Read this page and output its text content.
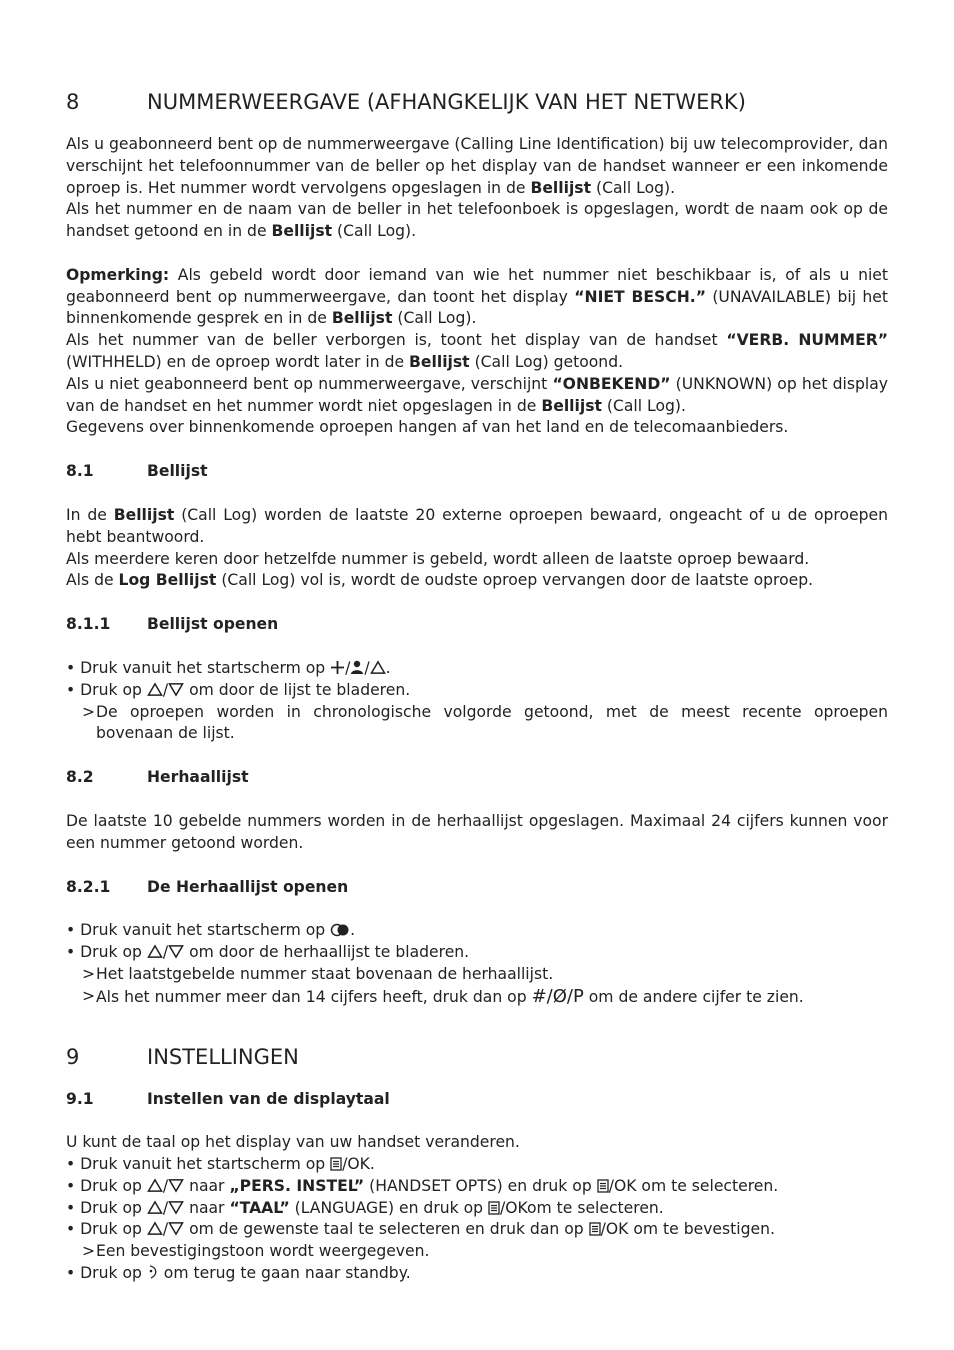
8	NUMMERWEERGAVE (AFHANGKELIJK VAN HET NETWERK)

Als u geabonneerd bent op de nummerweergave (Calling Line Identification) bij uw telecomprovider, dan verschijnt het telefoonnummer van de beller op het display van de handset wanneer er een inkomende oproep is. Het nummer wordt vervolgens opgeslagen in de Bellijst (Call Log).

Als het nummer en de naam van de beller in het telefoonboek is opgeslagen, wordt de naam ook op de handset getoond en in de Bellijst (Call Log).

Opmerking: Als gebeld wordt door iemand van wie het nummer niet beschikbaar is, of als u niet geabonneerd bent op nummerweergave, dan toont het display “NIET BESCH.” (UNAVAILABLE) bij het binnenkomende gesprek en in de Bellijst (Call Log).

Als het nummer van de beller verborgen is, toont het display van de handset “VERB. NUMMER” (WITHHELD) en de oproep wordt later in de Bellijst (Call Log) getoond.

Als u niet geabonneerd bent op nummerweergave, verschijnt “ONBEKEND” (UNKNOWN) op het display van de handset en het nummer wordt niet opgeslagen in de Bellijst (Call Log).

Gegevens over binnenkomende oproepen hangen af van het land en de telecomaanbieders.

8.1	Bellijst

In de Bellijst (Call Log) worden de laatste 20 externe oproepen bewaard, ongeacht of u de oproepen hebt beantwoord.

Als meerdere keren door hetzelfde nummer is gebeld, wordt alleen de laatste oproep bewaard.

Als de Log Bellijst (Call Log) vol is, wordt de oudste oproep vervangen door de laatste oproep.

8.1.1	Bellijst openen

• Druk vanuit het startscherm op
/ / .

• Druk op
/
om door de lijst te bladeren.

> De oproepen worden in chronologische volgorde getoond, met de meest recente oproepen bovenaan de lijst.

8.2	Herhaallijst

De laatste 10 gebelde nummers worden in de herhaallijst opgeslagen. Maximaal 24 cijfers kunnen voor een nummer getoond worden.

8.2.1	De Herhaallijst openen

• Druk vanuit het startscherm op
.

• Druk op
/
om door de herhaallijst te bladeren.

> Het laatstgebelde nummer staat bovenaan de herhaallijst.

> Als het nummer meer dan 14 cijfers heeft, druk dan op #/Ø/P om de andere cijfer te zien.

9	INSTELLINGEN
9.1	Instellen van de displaytaal

U kunt de taal op het display van uw handset veranderen.

• Druk vanuit het startscherm op
/OK.

• Druk op
/
naar „PERS. INSTEL” (HANDSET OPTS) en druk op
/OK om te selecteren.

• Druk op
/
naar “TAAL” (LANGUAGE) en druk op
/OKom te selecteren.

• Druk op
/
om de gewenste taal te selecteren en druk dan op
/OK om te bevestigen.

> Een bevestigingstoon wordt weergegeven.

• Druk op
om terug te gaan naar standby.
